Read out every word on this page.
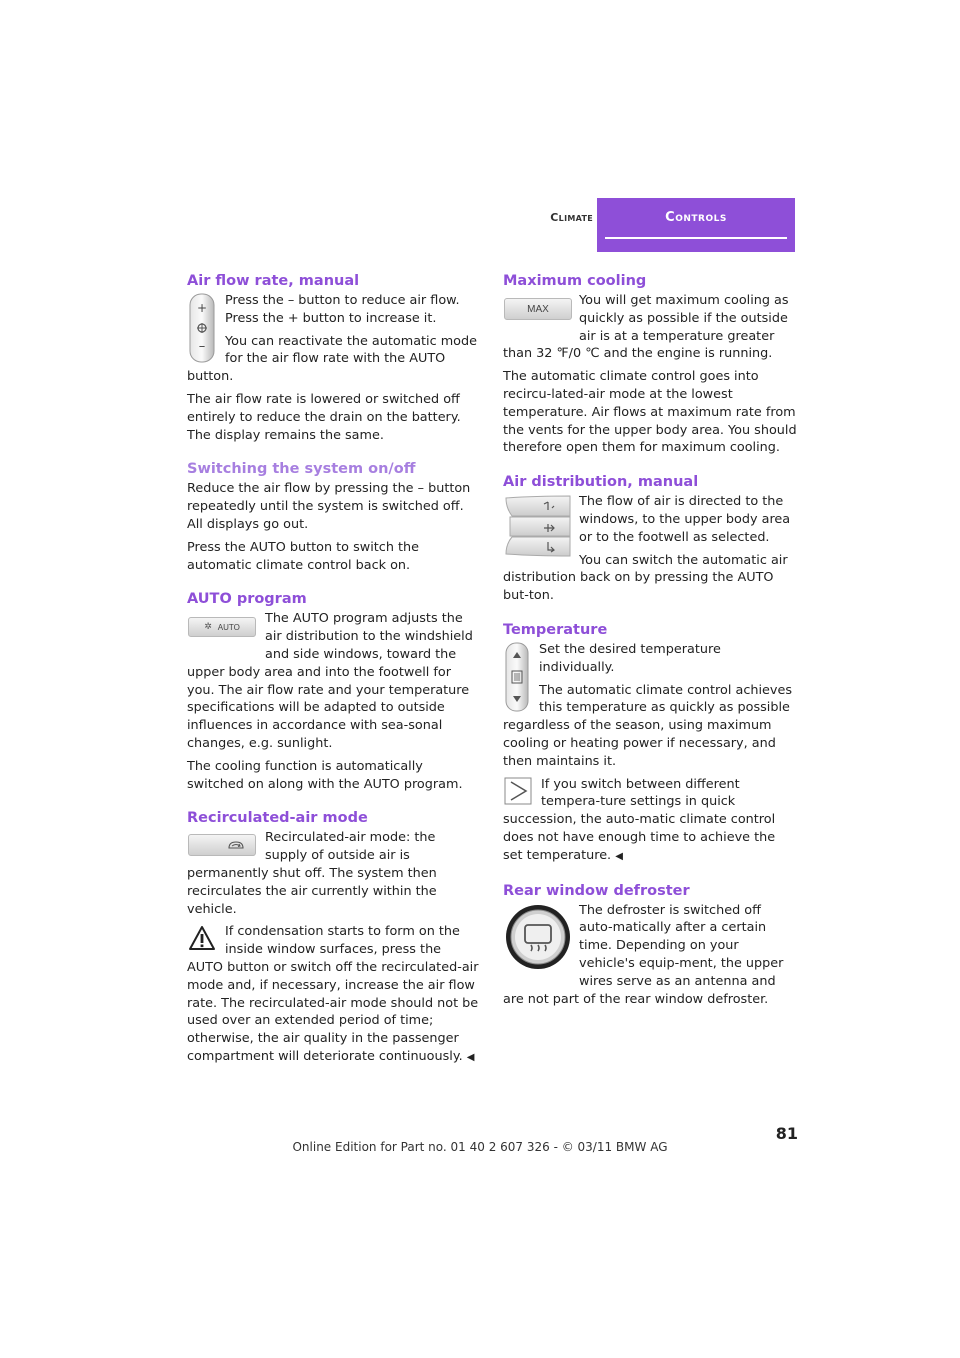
Climate	Controls
Air flow rate, manual
+
–

Press the – button to reduce air flow. Press the + button to increase it.

You can reactivate the automatic mode for the air flow rate with the AUTO button.

The air flow rate is lowered or switched off entirely to reduce the drain on the battery. The display remains the same.

Switching the system on/off

Reduce the air flow by pressing the – button repeatedly until the system is switched off. All displays go out.

Press the AUTO button to switch the automatic climate control back on.

AUTO program
✲ AUTO

The AUTO program adjusts the air distribution to the windshield and side windows, toward the upper body area and into the footwell for you. The air flow rate and your temperature specifications will be adapted to outside influences in accordance with sea-sonal changes, e.g. sunlight.

The cooling function is automatically switched on along with the AUTO program.

Recirculated-air mode

Recirculated-air mode: the supply of outside air is permanently shut off. The system then recirculates the air currently within the vehicle.

If condensation starts to form on the inside window surfaces, press the AUTO button or switch off the recirculated-air mode and, if necessary, increase the air flow rate. The recirculated-air mode should not be used over an extended period of time; otherwise, the air quality in the passenger compartment will deteriorate continuously. ◀

Maximum cooling
MAX

You will get maximum cooling as quickly as possible if the outside air is at a temperature greater than 32 ℉/0 ℃ and the engine is running.

The automatic climate control goes into recircu-lated-air mode at the lowest temperature. Air flows at maximum rate from the vents for the upper body area. You should therefore open them for maximum cooling.

Air distribution, manual

The flow of air is directed to the windows, to the upper body area or to the footwell as selected.

You can switch the automatic air distribution back on by pressing the AUTO but-ton.

Temperature

Set the desired temperature individually.

The automatic climate control achieves this temperature as quickly as possible regardless of the season, using maximum cooling or heating power if necessary, and then maintains it.

If you switch between different tempera-ture settings in quick succession, the auto-matic climate control does not have enough time to achieve the set temperature. ◀

Rear window defroster

The defroster is switched off auto-matically after a certain time. Depending on your vehicle's equip-ment, the upper wires serve as an antenna and are not part of the rear window defroster.

81
Online Edition for Part no. 01 40 2 607 326 - © 03/11 BMW AG
